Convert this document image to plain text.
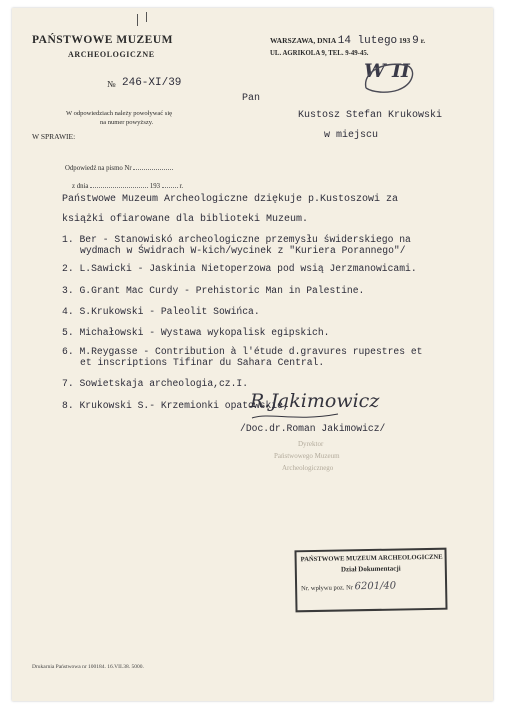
PAŃSTWOWE MUZEUM
ARCHEOLOGICZNE
№ 246-XI/39
W odpowiedziach należy powoływać się
na numer powyższy.
W SPRAWIE:
Odpowiedź na pismo Nr
z dnia	193	r.
WARSZAWA, DNIA 14 lutego 193 9 r.
UL. AGRIKOLA 9, TEL. 9-49-45.
W II
Pan
Kustosz Stefan Krukowski
w miejscu
Państwowe Muzeum Archeologiczne dziękuje p.Kustoszowi za
książki ofiarowane dla biblioteki Muzeum.
1. Ber - Stanowiskó archeologiczne przemysłu świderskiego na
wydmach w Świdrach W-kich/wycinek z "Kuriera Porannego"/
2. L.Sawicki - Jaskinia Nietoperzowa pod wsią Jerzmanowicami.
3. G.Grant Mac Curdy - Prehistoric Man in Palestine.
4. S.Krukowski - Paleolit Sowińca.
5. Michałowski - Wystawa wykopalisk egipskich.
6. M.Reygasse - Contribution à l'étude d.gravures rupestres et
et inscriptions Tifinar du Sahara Central.
7. Sowietskaja archeologia,cz.I.
8. Krukowski S.- Krzemionki opatowskie,
R.Jakimowicz
/Doc.dr.Roman Jakimowicz/
Dyrektor
Państwowego Muzeum
Archeologicznego
PAŃSTWOWE MUZEUM ARCHEOLOGICZNE
Dział Dokumentacji
Nr. wpływu poz. Nr 6201/40
Drukarnia Państwowa nr 100184. 16.VII.38. 5000.
